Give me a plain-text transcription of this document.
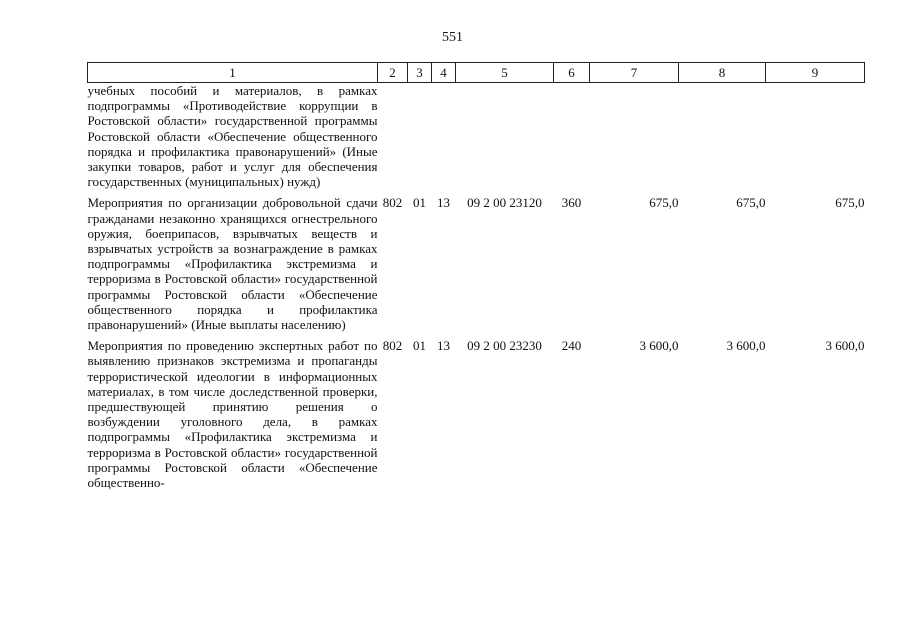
551
1	2	3	4	5	6	7	8	9
учебных пособий и материалов, в рамках подпрограммы «Противодействие коррупции в Ростовской области» государственной программы Ростовской области «Обеспечение общественного порядка и профилактика правонарушений» (Иные закупки товаров, работ и услуг для обеспечения государственных (муниципальных) нужд)								
Мероприятия по организации добровольной сдачи гражданами незаконно хранящихся огнестрельного оружия, боеприпасов, взрывчатых веществ и взрывчатых устройств за вознаграждение в рамках подпрограммы «Профилактика экстремизма и терроризма в Ростовской области» государственной программы Ростовской области «Обеспечение общественного порядка и профилактика правонарушений» (Иные выплаты населению)	802	01	13	09 2 00 23120	360	675,0	675,0	675,0
Мероприятия по проведению экспертных работ по выявлению признаков экстремизма и пропаганды террористической идеологии в информационных материалах, в том числе доследственной проверки, предшествующей принятию решения о возбуждении уголовного дела, в рамках подпрограммы «Профилактика экстремизма и терроризма в Ростовской области» государственной программы Ростовской области «Обеспечение общественно-	802	01	13	09 2 00 23230	240	3 600,0	3 600,0	3 600,0
